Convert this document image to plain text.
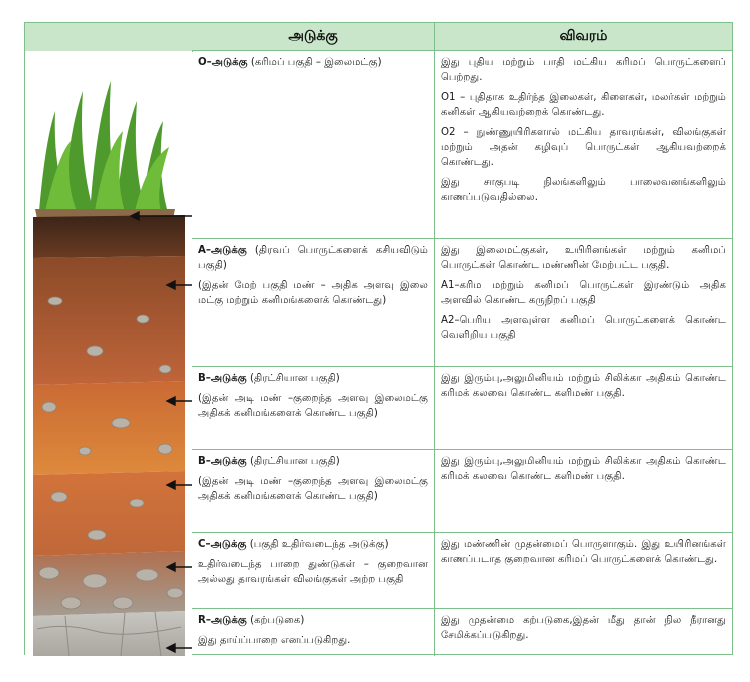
அடுக்கு	விவரம்

O–அடுக்கு (கரிமப் பகுதி – இலைமட்கு)	இது புதிய மற்றும் பாதி மட்கிய கரிமப் பொருட்களைப் பெற்றது.

O1 – புதிதாக உதிர்ந்த இலைகள், கிளைகள், மலர்கள் மற்றும் கனிகள் ஆகியவற்றைக் கொண்டது.

O2 – நுண்ணுயிரிகளால் மட்கிய தாவரங்கள், விலங்குகள் மற்றும் அதன் கழிவுப் பொருட்கள் ஆகியவற்றைக் கொண்டது.

இது சாகுபடி நிலங்களிலும் பாலைவனங்களிலும் காணப்படுவதில்லை.

A–அடுக்கு (திரவப் பொருட்களைக் கசியவிடும் பகுதி)

(இதன் மேற் பகுதி மண் – அதிக அளவு இலை மட்கு மற்றும் கனிமங்களைக் கொண்டது)

இது இலைமட்குகள், உயிரினங்கள் மற்றும் கனிமப் பொருட்கள் கொண்ட மண்ணின் மேற்பட்ட பகுதி.

A1–கரிம மற்றும் கனிமப் பொருட்கள் இரண்டும் அதிக அளவில் கொண்ட கருநிறப் பகுதி

A2–பெரிய அளவுள்ள கனிமப் பொருட்களைக் கொண்ட வெளிறிய பகுதி

B–அடுக்கு (திரட்சியான பகுதி)

(இதன் அடி மண் –குறைந்த அளவு இலைமட்கு அதிகக் கனிமங்களைக் கொண்ட பகுதி)

இது இரும்பு,அலுமினியம் மற்றும் சிலிக்கா அதிகம் கொண்ட கரிமக் கலவை கொண்ட களிமண் பகுதி.

B–அடுக்கு (திரட்சியான பகுதி)

(இதன் அடி மண் –குறைந்த அளவு இலைமட்கு அதிகக் கனிமங்களைக் கொண்ட பகுதி)

இது இரும்பு,அலுமினியம் மற்றும் சிலிக்கா அதிகம் கொண்ட கரிமக் கலவை கொண்ட களிமண் பகுதி.

C–அடுக்கு (பகுதி உதிர்வடைந்த அடுக்கு)

உதிர்வடைந்த பாறை துண்டுகள் – குறைவான அல்லது தாவரங்கள் விலங்குகள் அற்ற பகுதி

இது மண்ணின் முதன்மைப் பொருளாகும். இது உயிரினங்கள் காணப்படாத குறைவான கரிமப் பொருட்களைக் கொண்டது.

R–அடுக்கு (கற்படுகை)

இது தாய்ப்பாறை எனப்படுகிறது.

இது முதன்மை கற்படுகை,இதன் மீது தான் நில நீரானது சேமிக்கப்படுகிறது.
